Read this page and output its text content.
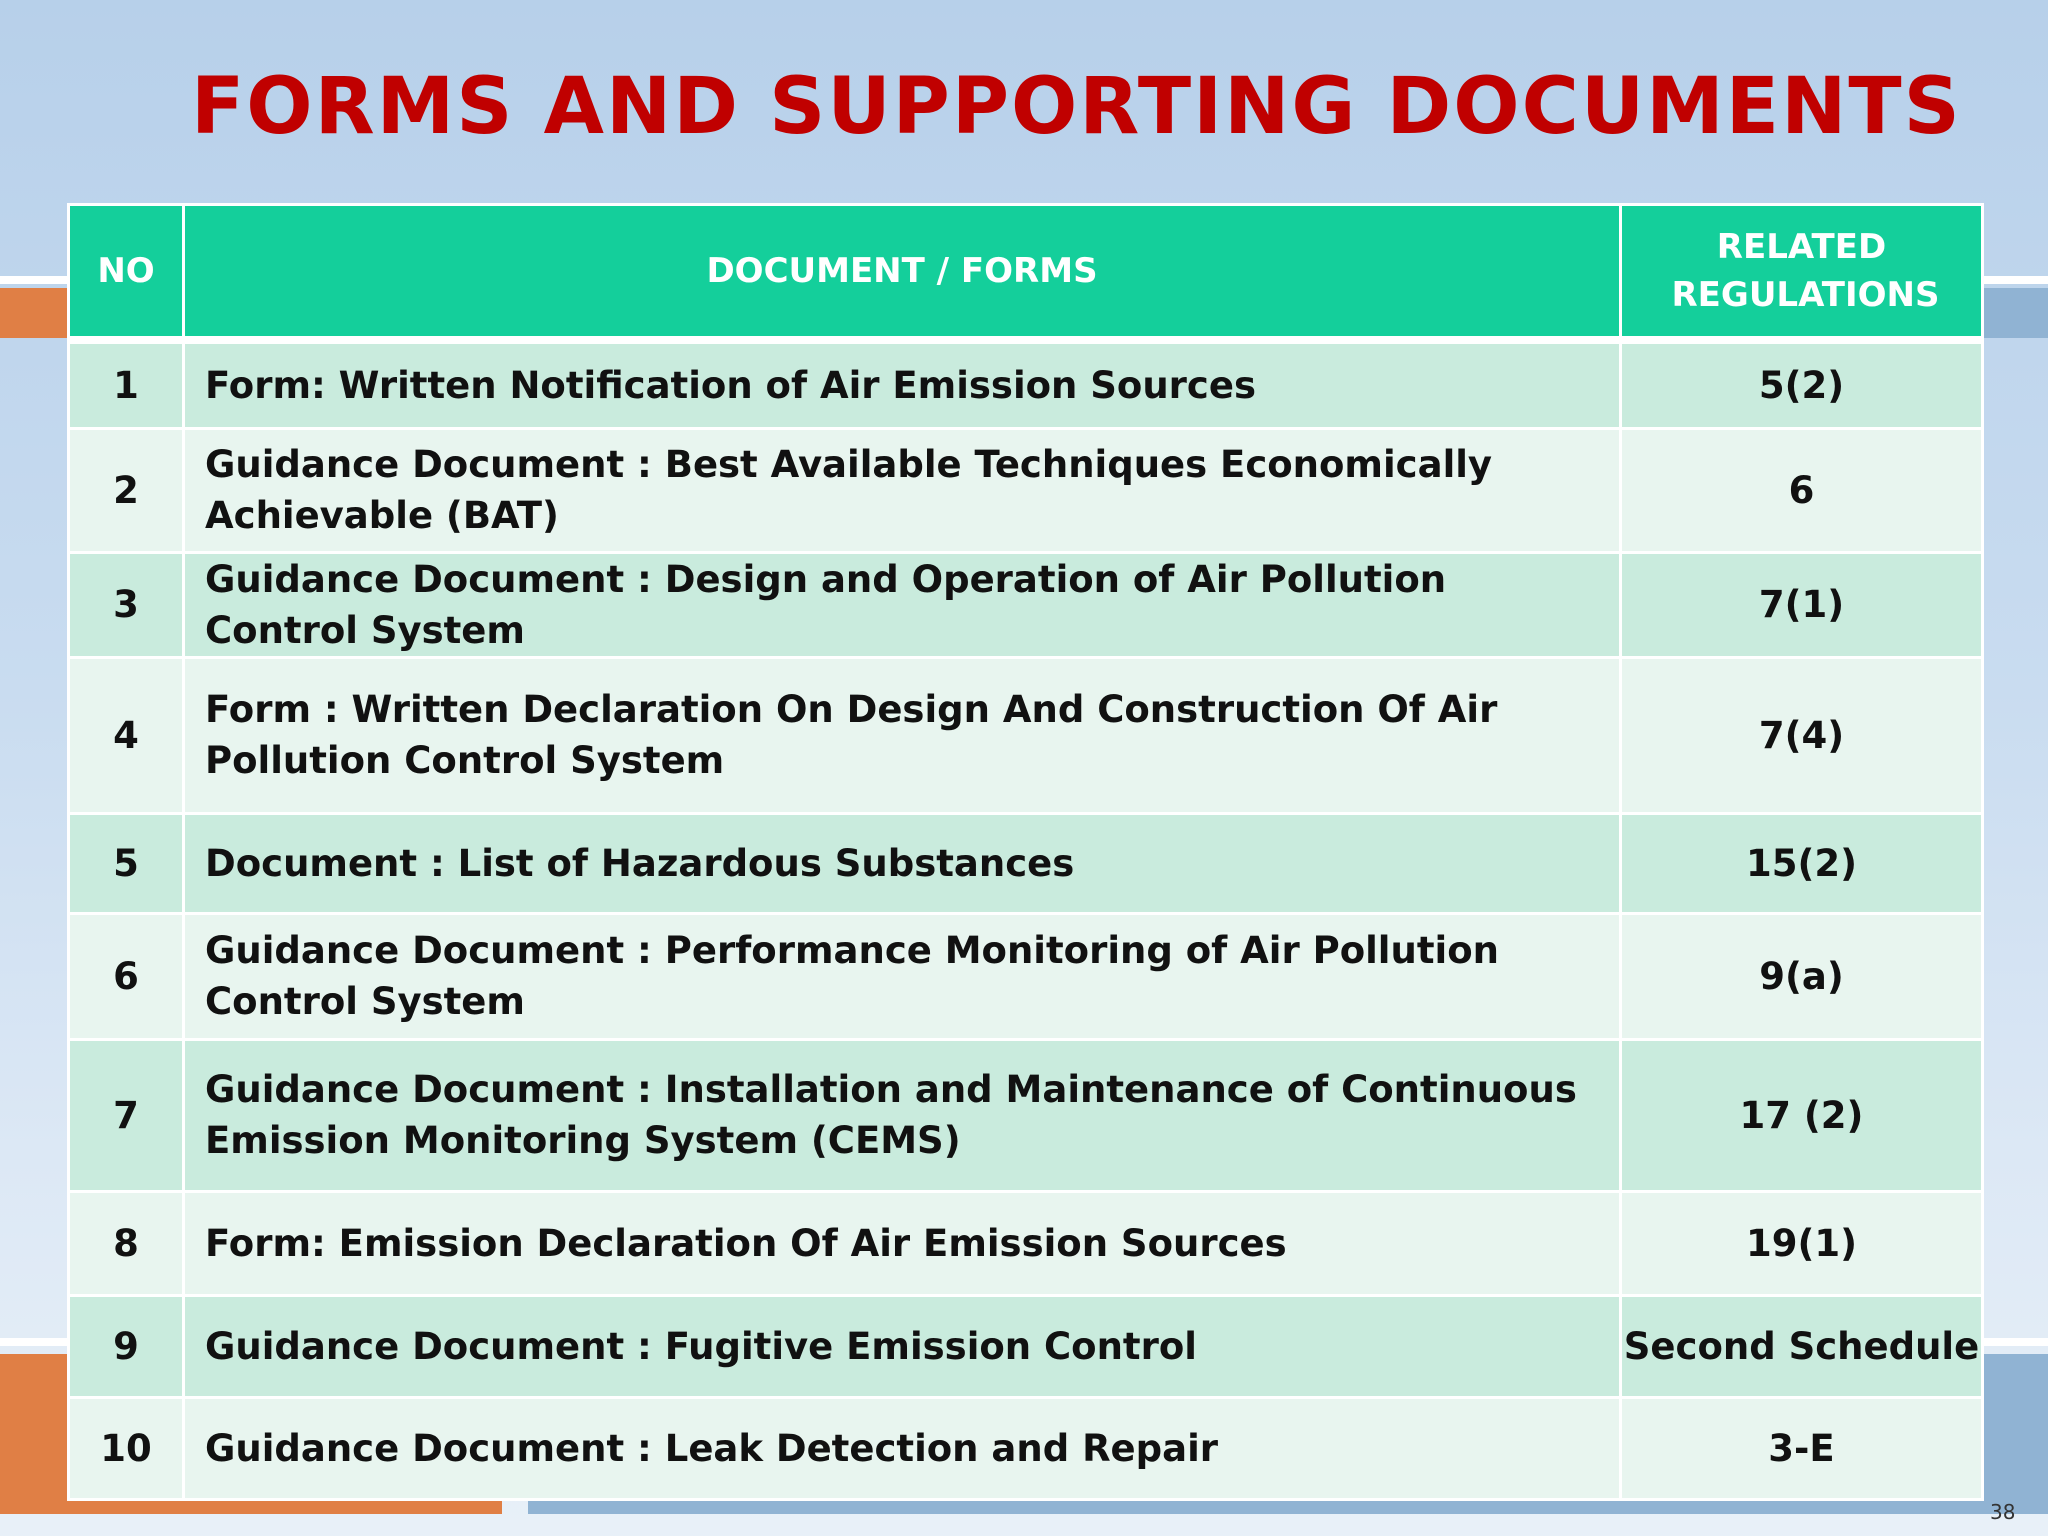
FORMS AND SUPPORTING DOCUMENTS
NO	DOCUMENT / FORMS	RELATED REGULATIONS
1	Form: Written Notification of Air Emission Sources	5(2)
2	Guidance Document : Best Available Techniques Economically Achievable (BAT)	6
3	Guidance Document : Design and Operation of Air Pollution Control System	7(1)
4	Form : Written Declaration On Design And Construction Of Air Pollution Control System	7(4)
5	Document : List of Hazardous Substances	15(2)
6	Guidance Document : Performance Monitoring of Air Pollution Control System	9(a)
7	Guidance Document : Installation and Maintenance of Continuous Emission Monitoring System (CEMS)	17 (2)
8	Form: Emission Declaration Of Air Emission Sources	19(1)
9	Guidance Document : Fugitive Emission Control	Second Schedule
10	Guidance Document : Leak Detection and Repair	3-E
38
